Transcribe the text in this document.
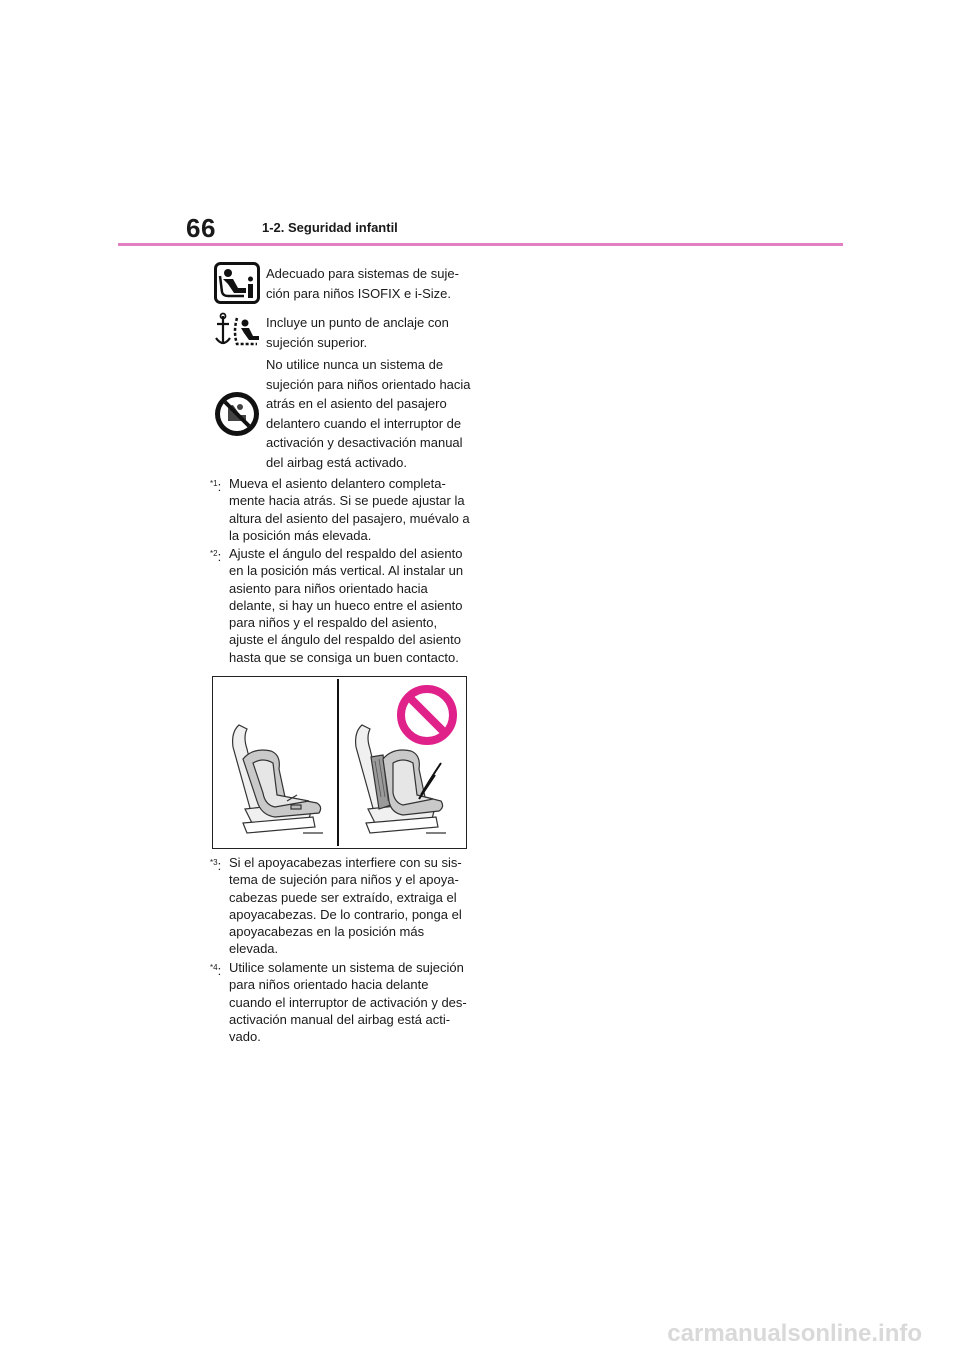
66	1-2. Seguridad infantil
Adecuado para sistemas de suje- ción para niños ISOFIX e i-Size.
Incluye un punto de anclaje con sujeción superior.
No utilice nunca un sistema de sujeción para niños orientado hacia atrás en el asiento del pasajero delantero cuando el interruptor de activación y desactivación manual del airbag está activado.
$^{*1}$: Mueva el asiento delantero completa- mente hacia atrás. Si se puede ajustar la altura del asiento del pasajero, muévalo a la posición más elevada.
$^{*2}$: Ajuste el ángulo del respaldo del asiento en la posición más vertical. Al instalar un asiento para niños orientado hacia delante, si hay un hueco entre el asiento para niños y el respaldo del asiento, ajuste el ángulo del respaldo del asiento hasta que se consiga un buen contacto.
$^{*3}$: Si el apoyacabezas interfiere con su sis- tema de sujeción para niños y el apoya- cabezas puede ser extraído, extraiga el apoyacabezas. De lo contrario, ponga el apoyacabezas en la posición más elevada.
$^{*4}$: Utilice solamente un sistema de sujeción para niños orientado hacia delante cuando el interruptor de activación y des- activación manual del airbag está acti- vado.
carmanualsonline.info
